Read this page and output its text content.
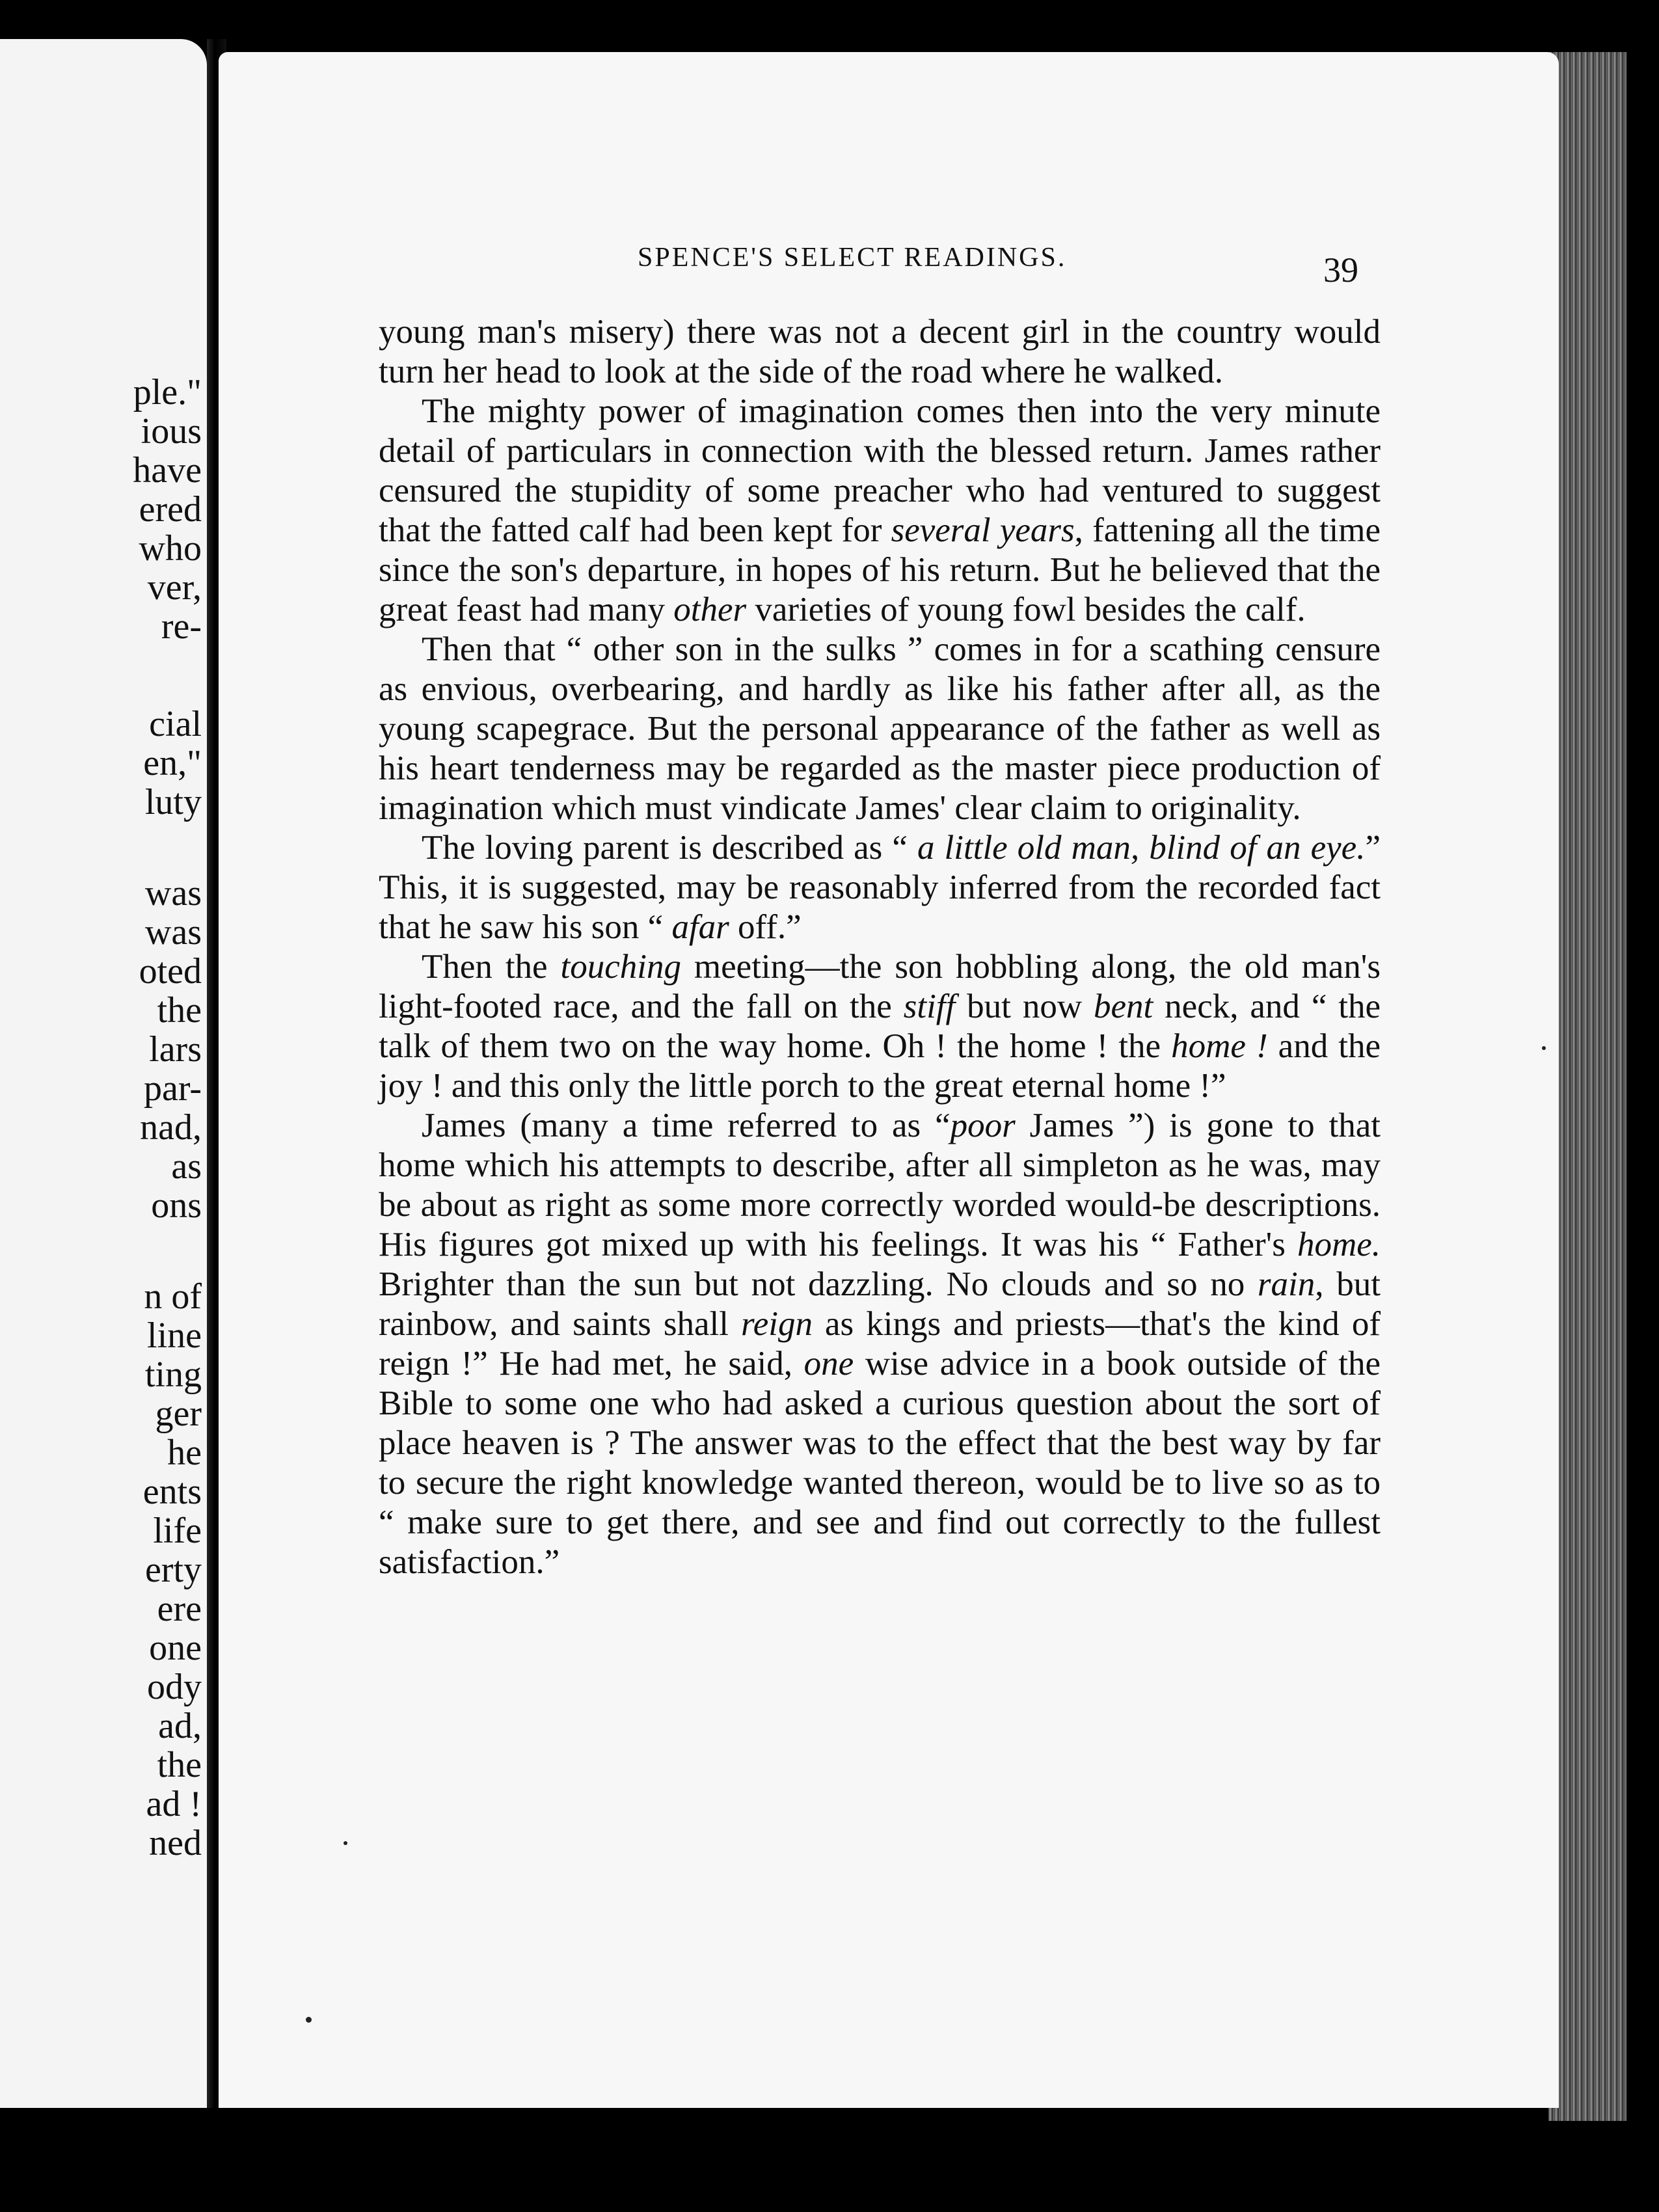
ple."
ious
have
ered
who
ver,
re-
cial
en,"
luty
was
was
oted
the
lars
par-
nad,
as
ons
n of
line
ting
ger
he
ents
life
erty
ere
one
ody
ad,
the
ad !
ned
SPENCE'S SELECT READINGS.	39

young man's misery) there was not a decent girl in the country would turn her head to look at the side of the road where he walked.

The mighty power of imagination comes then into the very minute detail of particulars in connection with the blessed return. James rather censured the stupidity of some preacher who had ventured to suggest that the fatted calf had been kept for several years, fattening all the time since the son's departure, in hopes of his return. But he believed that the great feast had many other varieties of young fowl besides the calf.

Then that “ other son in the sulks ” comes in for a scathing censure as envious, overbearing, and hardly as like his father after all, as the young scapegrace. But the personal appearance of the father as well as his heart tenderness may be regarded as the master piece production of imagination which must vindicate James' clear claim to originality.

The loving parent is described as “ a little old man, blind of an eye.” This, it is suggested, may be reasonably inferred from the recorded fact that he saw his son “ afar off.”

Then the touching meeting—the son hobbling along, the old man's light-footed race, and the fall on the stiff but now bent neck, and “ the talk of them two on the way home. Oh ! the home ! the home ! and the joy ! and this only the little porch to the great eternal home !”

James (many a time referred to as “poor James ”) is gone to that home which his attempts to describe, after all simpleton as he was, may be about as right as some more correctly worded would-be descriptions. His figures got mixed up with his feelings. It was his “ Father's home. Brighter than the sun but not dazzling. No clouds and so no rain, but rainbow, and saints shall reign as kings and priests—that's the kind of reign !” He had met, he said, one wise advice in a book outside of the Bible to some one who had asked a curious question about the sort of place heaven is ? The answer was to the effect that the best way by far to secure the right knowledge wanted thereon, would be to live so as to “ make sure to get there, and see and find out correctly to the fullest satisfaction.”
